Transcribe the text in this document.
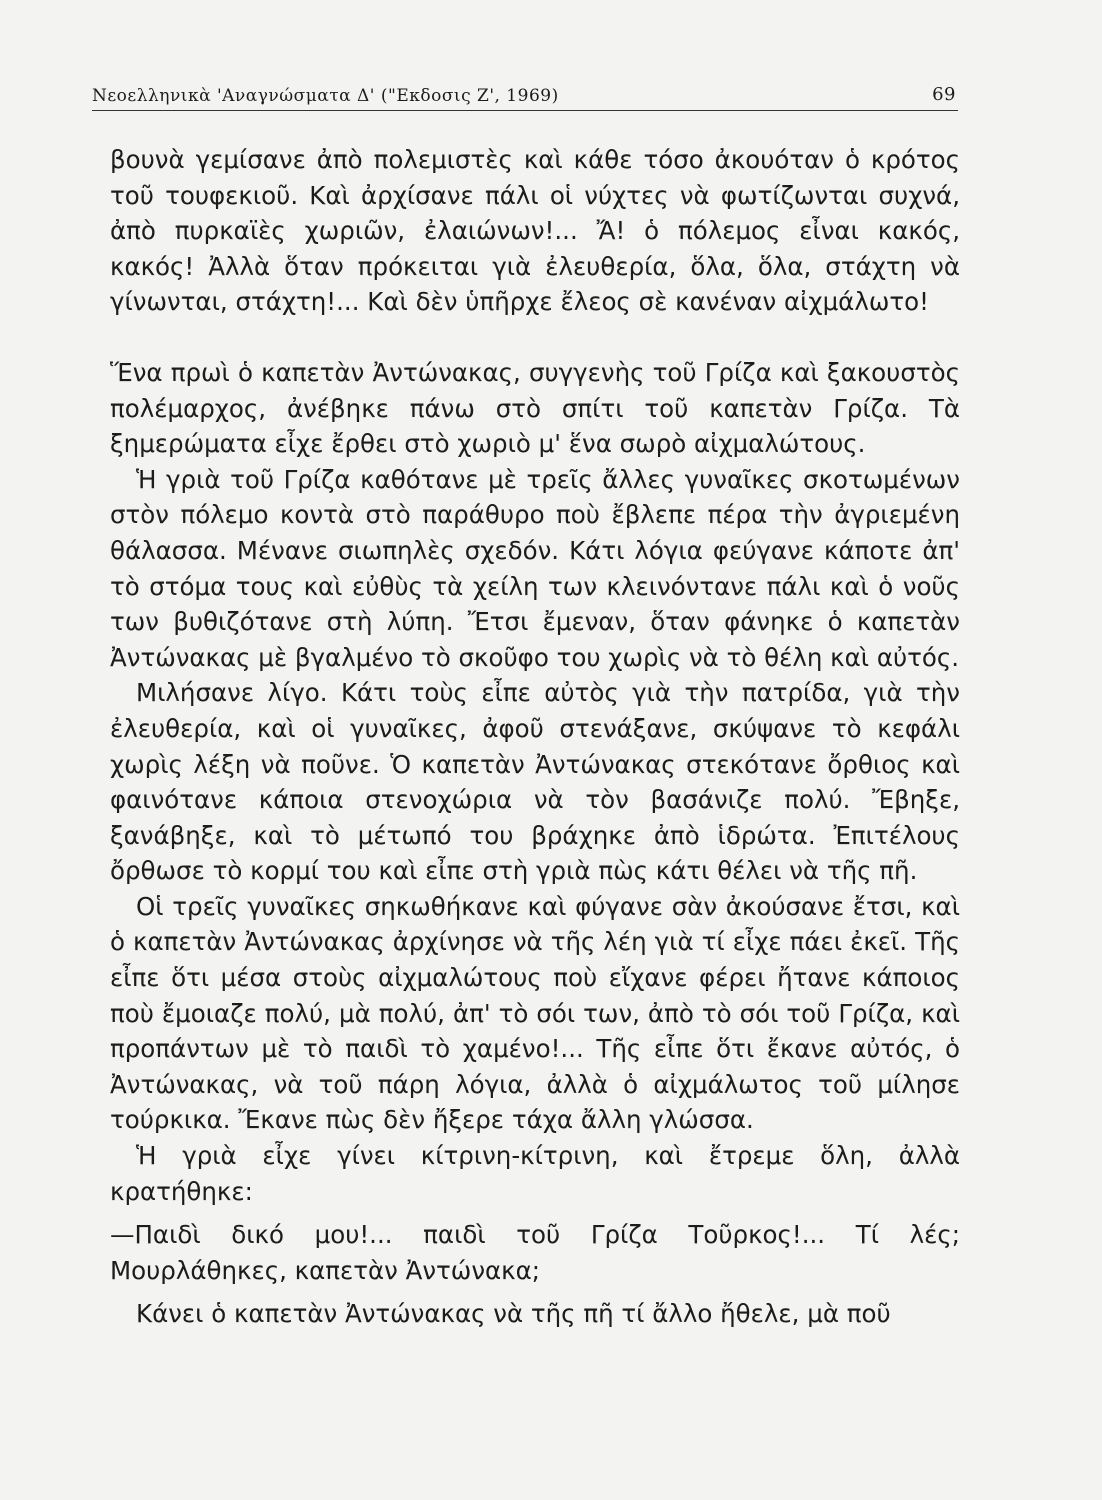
Νεοελληνικὰ 'Αναγνώσματα Δ' ("Εκδοσις Ζ', 1969)	69

βουνὰ γεμίσανε ἀπὸ πολεμιστὲς καὶ κάθε τόσο ἀκουόταν ὁ κρότος τοῦ τουφεκιοῦ. Καὶ ἀρχίσανε πάλι οἱ νύχτες νὰ φωτίζωνται συχνά, ἀπὸ πυρκαϊὲς χωριῶν, ἐλαιώνων!... Ἄ! ὁ πόλεμος εἶναι κακός, κακός! Ἀλλὰ ὅταν πρόκειται γιὰ ἐλευθερία, ὅλα, ὅλα, στάχτη νὰ γίνωνται, στάχτη!... Καὶ δὲν ὑπῆρχε ἔλεος σὲ κανέναν αἰχμάλωτο!

Ἕνα πρωὶ ὁ καπετὰν Ἀντώνακας, συγγενὴς τοῦ Γρίζα καὶ ξακουστὸς πολέμαρχος, ἀνέβηκε πάνω στὸ σπίτι τοῦ καπετὰν Γρίζα. Τὰ ξημερώματα εἶχε ἔρθει στὸ χωριὸ μ' ἕνα σωρὸ αἰχμαλώτους.

Ἡ γριὰ τοῦ Γρίζα καθότανε μὲ τρεῖς ἄλλες γυναῖκες σκοτωμένων στὸν πόλεμο κοντὰ στὸ παράθυρο ποὺ ἔβλεπε πέρα τὴν ἀγριεμένη θάλασσα. Μένανε σιωπηλὲς σχεδόν. Κάτι λόγια φεύγανε κάποτε ἀπ' τὸ στόμα τους καὶ εὐθὺς τὰ χείλη των κλεινόντανε πάλι καὶ ὁ νοῦς των βυθιζότανε στὴ λύπη. Ἔτσι ἔμεναν, ὅταν φάνηκε ὁ καπετὰν Ἀντώνακας μὲ βγαλμένο τὸ σκοῦφο του χωρὶς νὰ τὸ θέλη καὶ αὐτός.

Μιλήσανε λίγο. Κάτι τοὺς εἶπε αὐτὸς γιὰ τὴν πατρίδα, γιὰ τὴν ἐλευθερία, καὶ οἱ γυναῖκες, ἀφοῦ στενάξανε, σκύψανε τὸ κεφάλι χωρὶς λέξη νὰ ποῦνε. Ὁ καπετὰν Ἀντώνακας στεκότανε ὄρθιος καὶ φαινότανε κάποια στενοχώρια νὰ τὸν βασάνιζε πολύ. Ἔβηξε, ξανάβηξε, καὶ τὸ μέτωπό του βράχηκε ἀπὸ ἱδρώτα. Ἐπιτέλους ὄρθωσε τὸ κορμί του καὶ εἶπε στὴ γριὰ πὼς κάτι θέλει νὰ τῆς πῆ.

Οἱ τρεῖς γυναῖκες σηκωθήκανε καὶ φύγανε σὰν ἀκούσανε ἔτσι, καὶ ὁ καπετὰν Ἀντώνακας ἀρχίνησε νὰ τῆς λέη γιὰ τί εἶχε πάει ἐκεῖ. Τῆς εἶπε ὅτι μέσα στοὺς αἰχμαλώτους ποὺ εἴχανε φέρει ἤτανε κάποιος ποὺ ἔμοιαζε πολύ, μὰ πολύ, ἀπ' τὸ σόι των, ἀπὸ τὸ σόι τοῦ Γρίζα, καὶ προπάντων μὲ τὸ παιδὶ τὸ χαμένο!... Τῆς εἶπε ὅτι ἔκανε αὐτός, ὁ Ἀντώνακας, νὰ τοῦ πάρη λόγια, ἀλλὰ ὁ αἰχμάλωτος τοῦ μίλησε τούρκικα. Ἔκανε πὼς δὲν ἤξερε τάχα ἄλλη γλώσσα.

Ἡ γριὰ εἶχε γίνει κίτρινη-κίτρινη, καὶ ἔτρεμε ὅλη, ἀλλὰ κρατήθηκε:

—Παιδὶ δικό μου!... παιδὶ τοῦ Γρίζα Τοῦρκος!... Τί λές; Μουρλάθηκες, καπετὰν Ἀντώνακα;

Κάνει ὁ καπετὰν Ἀντώνακας νὰ τῆς πῆ τί ἄλλο ἤθελε, μὰ ποῦ
